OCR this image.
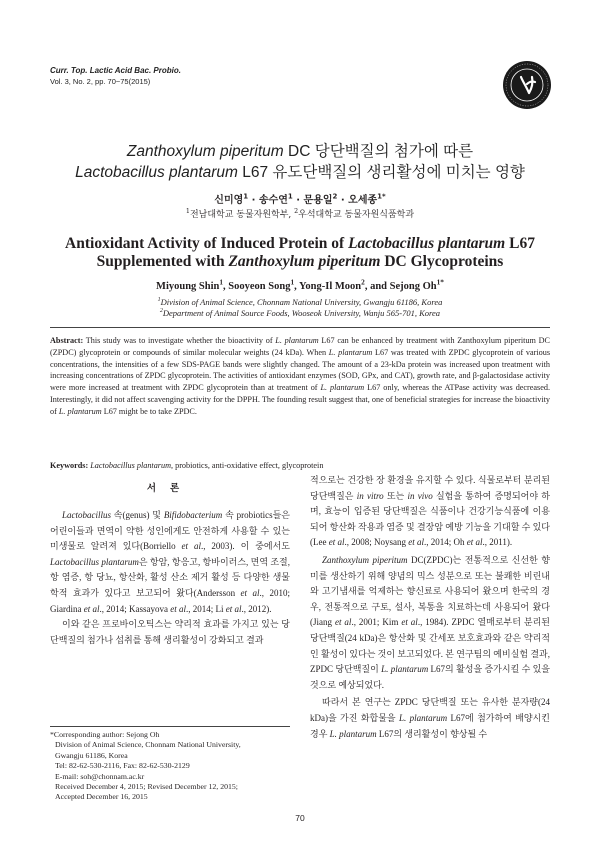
Curr. Top. Lactic Acid Bac. Probio.
Vol. 3, No. 2, pp. 70~75(2015)
Zanthoxylum piperitum DC 당단백질의 첨가에 따른
Lactobacillus plantarum L67 유도단백질의 생리활성에 미치는 영향
신미영$^1$ · 송수연$^1$ · 문용일$^2$ · 오세종$^{1*}$
$^1$전남대학교 동물자원학부, $^2$우석대학교 동물자원식품학과
Antioxidant Activity of Induced Protein of Lactobacillus plantarum L67
Supplemented with Zanthoxylum piperitum DC Glycoproteins
Miyoung Shin$^1$, Sooyeon Song$^1$, Yong-Il Moon$^2$, and Sejong $Oh^{1*}$
$^1$Division of Animal Science, Chonnam National University, Gwangju 61186, Korea
$^2$Department of Animal Source Foods, Wooseok University, Wanju 565-701, Korea
Abstract: This study was to investigate whether the bioactivity of L. plantarum L67 can be enhanced by treatment with Zanthoxylum piperitum DC (ZPDC) glycoprotein or compounds of similar molecular weights (24 kDa). When L. plantarum L67 was treated with ZPDC glycoprotein of various concentrations, the intensities of a few SDS-PAGE bands were slightly changed. The amount of a 23-kDa protein was increased upon treatment with increasing concentrations of ZPDC glycoprotein. The activities of antioxidant enzymes (SOD, GPx, and CAT), growth rate, and β-galactosidase activity were more increased at treatment with ZPDC glycoprotein than at treatment of L. plantarum L67 only, whereas the ATPase activity was decreased. Interestingly, it did not affect scavenging activity for the DPPH. The founding result suggest that, one of beneficial strategies for increase the bioactivity of L. plantarum L67 might be to take ZPDC.
Keywords: Lactobacillus plantarum, probiotics, anti-oxidative effect, glycoprotein
서론

Lactobacillus 속(genus) 및 Bifidobacterium 속 probiotics들은 어린이들과 면역이 약한 성인에게도 안전하게 사용할 수 있는 미생물로 알려져 있다(Borriello et al., 2003). 이 중에서도 Lactobacillus plantarum은 항암, 항응고, 항바이러스, 면역 조절, 항 염증, 항 당뇨, 항산화, 활성 산소 제거 활성 등 다양한 생물학적 효과가 있다고 보고되어 왔다(Andersson et al., 2010; Giardina et al., 2014; Kassayova et al., 2014; Li et al., 2012).

이와 같은 프로바이오틱스는 약리적 효과를 가지고 있는 당단백질의 첨가나 섭취를 통해 생리활성이 강화되고 결과

*Corresponding author: Sejong Oh
Division of Animal Science, Chonnam National University,
Gwangju 61186, Korea
Tel: 82-62-530-2116, Fax: 82-62-530-2129
E-mail: soh@chonnam.ac.kr
Received December 4, 2015; Revised December 12, 2015;
Accepted December 16, 2015

적으로는 건강한 장 환경을 유지할 수 있다. 식물로부터 분리된 당단백질은 in vitro 또는 in vivo 실험을 통하여 증명되어야 하며, 효능이 입증된 당단백질은 식품이나 건강기능식품에 이용되어 항산화 작용과 염증 및 결장암 예방 기능을 기대할 수 있다(Lee et al., 2008; Noysang et al., 2014; Oh et al., 2011).

Zanthoxylum piperitum DC(ZPDC)는 전통적으로 신선한 향미를 생산하기 위해 양념의 믹스 성분으로 또는 불쾌한 비린내와 고기냄새를 억제하는 향신료로 사용되어 왔으며 한국의 경우, 전통적으로 구토, 설사, 복통을 치료하는데 사용되어 왔다(Jiang et al., 2001; Kim et al., 1984). ZPDC 열매로부터 분리된 당단백질(24 kDa)은 항산화 및 간세포 보호효과와 같은 약리적인 활성이 있다는 것이 보고되었다. 본 연구팀의 예비실험 결과, ZPDC 당단백질이 L. plantarum L67의 활성을 증가시킬 수 있을 것으로 예상되었다.

따라서 본 연구는 ZPDC 당단백질 또는 유사한 분자량(24 kDa)을 가진 화합물을 L. plantarum L67에 첨가하여 배양시킨 경우 L. plantarum L67의 생리활성이 향상될 수

70
